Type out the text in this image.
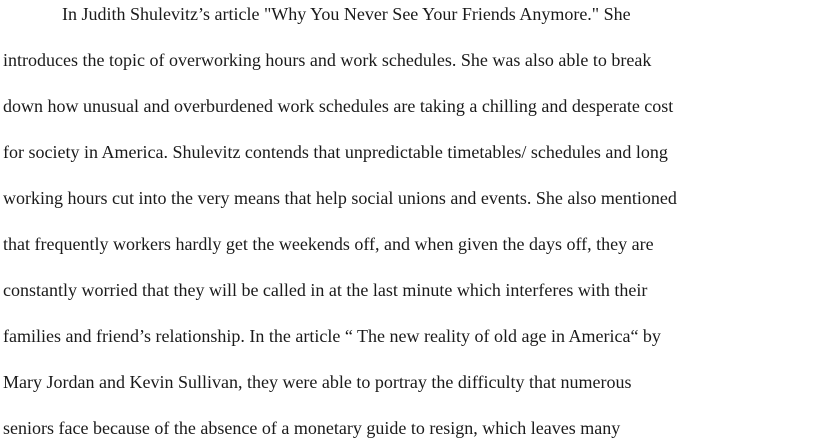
In Judith Shulevitz’s article "Why You Never See Your Friends Anymore." She
introduces the topic of overworking hours and work schedules. She was also able to break
down how unusual and overburdened work schedules are taking a chilling and desperate cost
for society in America. Shulevitz contends that unpredictable timetables/ schedules and long
working hours cut into the very means that help social unions and events. She also mentioned
that frequently workers hardly get the weekends off, and when given the days off, they are
constantly worried that they will be called in at the last minute which interferes with their
families and friend’s relationship. In the article “ The new reality of old age in America“ by
Mary Jordan and Kevin Sullivan, they were able to portray the difficulty that numerous
seniors face because of the absence of a monetary guide to resign, which leaves many
